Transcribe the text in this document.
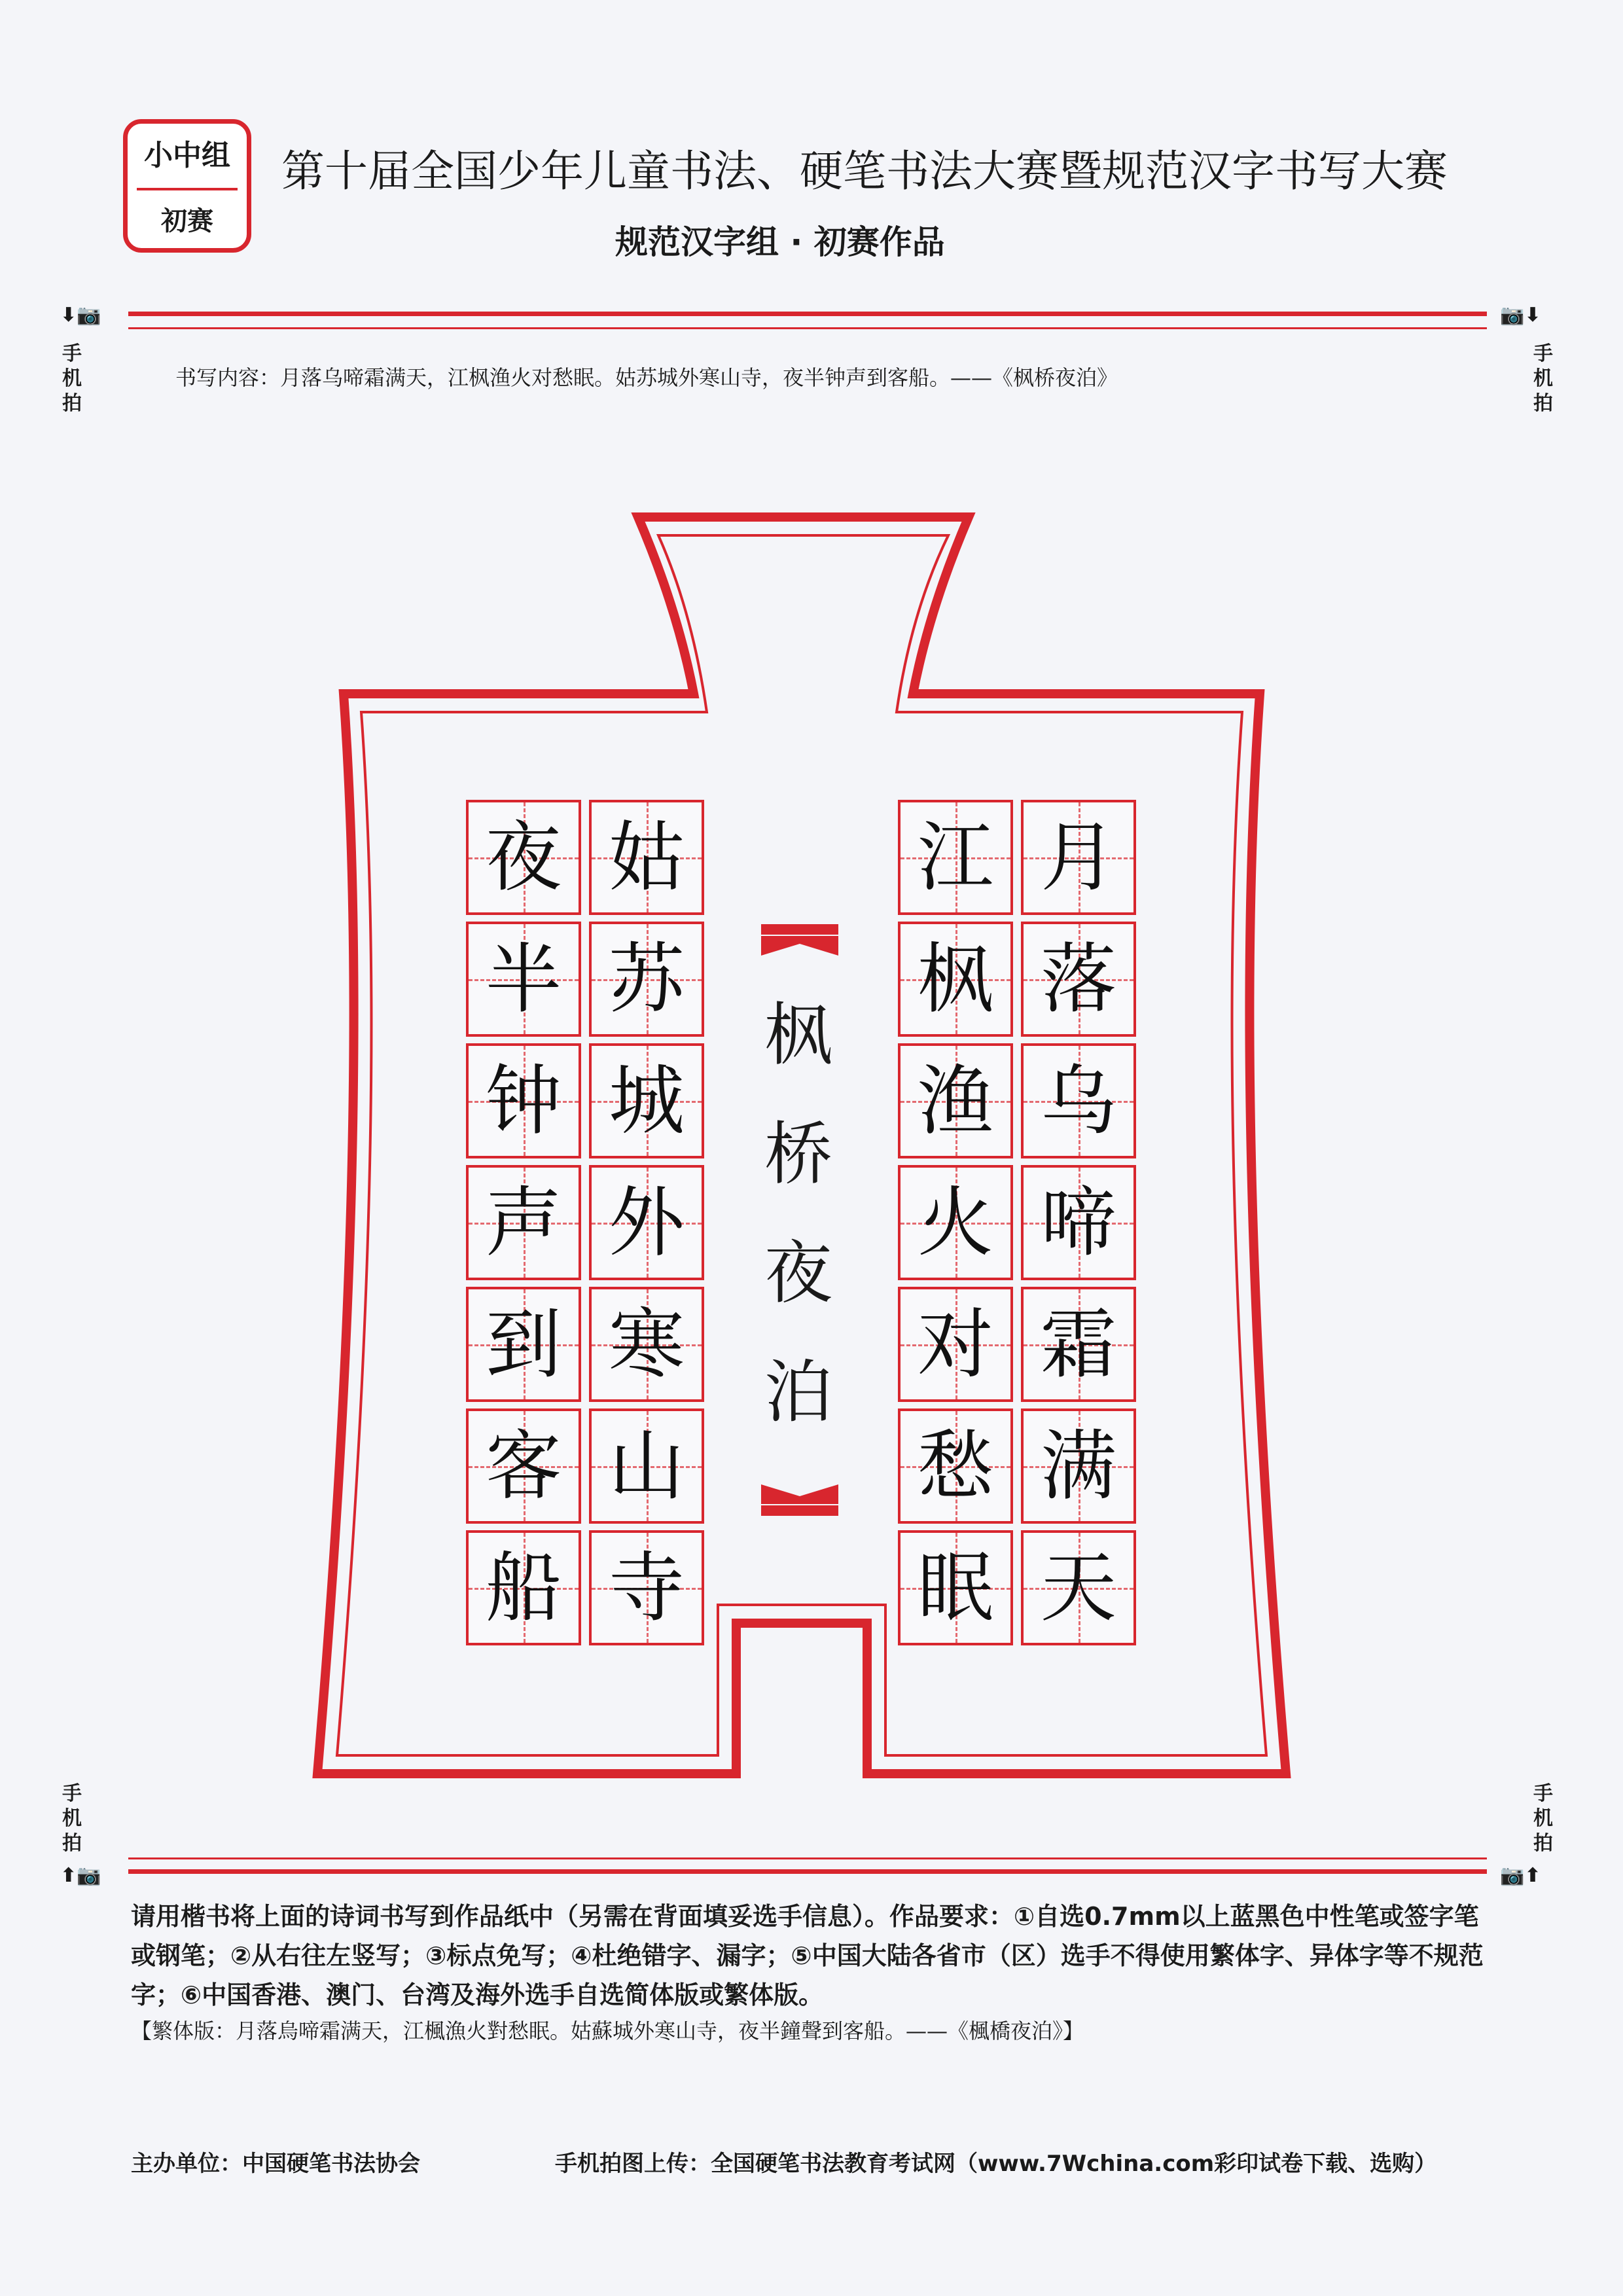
小中组
初赛
第十届全国少年儿童书法、硬笔书法大赛暨规范汉字书写大赛
规范汉字组 · 初赛作品
⬇📷
手
机
拍
📷⬇
手
机
拍
手
机
拍
⬆📷
手
机
拍
📷⬆
书写内容：月落乌啼霜满天，江枫渔火对愁眠。姑苏城外寒山寺，夜半钟声到客船。——《枫桥夜泊》
月
落
乌
啼
霜
满
天
江
枫
渔
火
对
愁
眠
姑
苏
城
外
寒
山
寺
夜
半
钟
声
到
客
船
枫
桥
夜
泊
请用楷书将上面的诗词书写到作品纸中（另需在背面填妥选手信息）。作品要求：①自选0.7mm以上蓝黑色中性笔或签字笔或钢笔；②从右往左竖写；③标点免写；④杜绝错字、漏字；⑤中国大陆各省市（区）选手不得使用繁体字、异体字等不规范字；⑥中国香港、澳门、台湾及海外选手自选简体版或繁体版。
【繁体版：月落烏啼霜满天，江楓漁火對愁眠。姑蘇城外寒山寺，夜半鐘聲到客船。——《楓橋夜泊》】
主办单位：中国硬笔书法协会	手机拍图上传：全国硬笔书法教育考试网（www.7Wchina.com彩印试卷下载、选购）
